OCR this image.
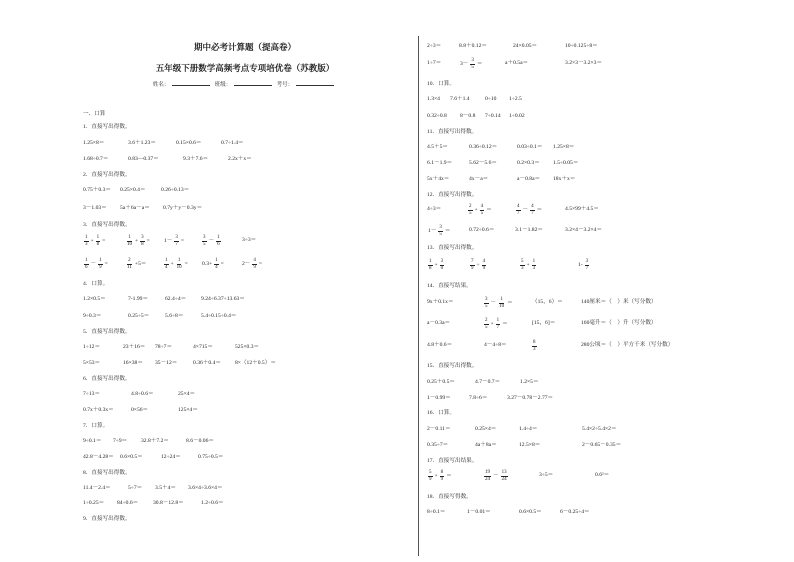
期中必考计算题（提高卷）
五年级下册数学高频考点专项培优卷（苏教版）
姓名：	班级：	考号：
一、口算
1．直接写出得数。
1.25×8＝	3.6＋1.23＝	0.15×0.6＝	0.7÷1.4＝
1.68÷0.7＝	0.83—0.37＝	9.3＋7.6＝	2.2x＋x＝
2．直接写出得数。
0.75＋0.3＝ 0.25×0.4＝	0.26÷0.13＝
3－1.03＝ 5a＋6a－a＝ 0.7y＋y－0.3y＝
3．直接写出得数。
$\frac{1}{3} + \frac{1}{8}$ =	$\frac{1}{10} + \frac{3}{8}$ =	$1- \frac{3}{7}$ =	$\frac{3}{5} - \frac{1}{6}$	3÷3＝
$\frac{1}{6} - \frac{1}{9}$ =	$\frac{2}{11} +5=$	$\frac{1}{4} + \frac{1}{10}$ =	$0.3+ \frac{1}{4}$ =	$2- \frac{4}{9}$ =
4．口算。
1.2×0.5＝	7-1.99＝	62.4÷4＝	9.24÷6.37÷13.63＝
9÷0.3＝	0.25÷5＝	5.6÷8＝	5.4÷0.15÷0.4＝
5．直接写出得数。
1÷12＝	23＋16＝ 78÷7＝	4×715＝	525×0.3＝
5×53＝	16×38＝ 35－12＝	0.36＋0.4＝	8×（12＋0.5）＝
6．直接写出得数。
7÷13＝	4.8÷0.6＝	25×4＝
0.7x＋0.3x＝	0×56＝	125×4＝
7．口算。
9÷0.1＝ 7÷9＝ 32.8＋7.2＝	8.6－0.06＝
42.8－4.28＝ 0.6×0.5＝	12÷24＝	0.75÷0.5＝
8．直接写出得数。
11.4－2.4＝	5÷7＝ 3.5＋4＝ 3.6×4÷3.6×4＝
1÷0.25＝ 84÷0.6＝	30.8－12.8＝	1.2÷0.6＝
9．直接写出得数。
2÷3＝	8.8＋0.12＝	24×0.05＝	10÷0.125÷8＝
1÷7＝	$3- \frac{3}{5}$ ＝	a＋0.5a＝	3.2×3－3.2×3＝
10．口算。
1.3×4 7.6＋1.4	0÷10 1÷2.5
0.32÷0.8 8－0.8 7÷0.14 1÷0.02
11．直接写出得数。
4.5＋5＝	0.36÷0.12＝	0.03÷0.1＝ 1.25×8＝
6.1－1.9＝	5.62－5.6＝	0.2×0.3＝ 1.5÷0.05＝
5x＋4x＝	4x－a＝	a－0.8a＝ 18x＋x＝
12．直接写出得数。
4÷3＝	$\frac{2}{5} + \frac{4}{5}$ ＝	$\frac{4}{7} - \frac{4}{7}$ ＝	4.5×99＋4.5＝
$1- \frac{3}{5}$ ＝	0.72÷0.6＝	3.1－1.82＝	3.2×4－3.2×4＝
13．直接写出得数。
$\frac{1}{8} + \frac{3}{0}$	$\frac{7}{9} \div \frac{4}{9}$	$\frac{5}{3} + \frac{1}{3}$	$1- \frac{3}{7}$
14．直接写结果。
9x＋0.1x＝	$\frac{3}{5} - \frac{1}{10}$ ＝	（15，6）＝	140厘米＝（　）米（写分数）
a－0.3a＝	$\frac{2}{5} + \frac{1}{7}$ ＝	[15，6]＝	160毫升＝（　）升（写分数）
4.8＋0.6＝	4－4÷8＝	$\frac{8}{3}$	280公顷＝（　）平方千米（写分数）
15．直接写出得数。
0.25＋0.5＝	4.7－0.7＝	1.2×5＝
1－0.99＝	7.8÷6＝	3.27－0.78－2.77＝
16．口算。
2－0.11＝	0.25×4＝	1.4÷4＝	5.4×2÷5.4×2＝
0.35÷7＝	4a＋8a＝	12.5×8＝	2－0.65－0.35＝
17．直接写出结果。
$\frac{5}{9} + \frac{8}{9}$ ＝	$\frac{19}{24} - \frac{13}{24}$	3÷5＝	0.6²＝
18．直接写得数。
8÷0.1＝	1－0.01＝	0.6×0.5＝	6－0.25÷4＝
